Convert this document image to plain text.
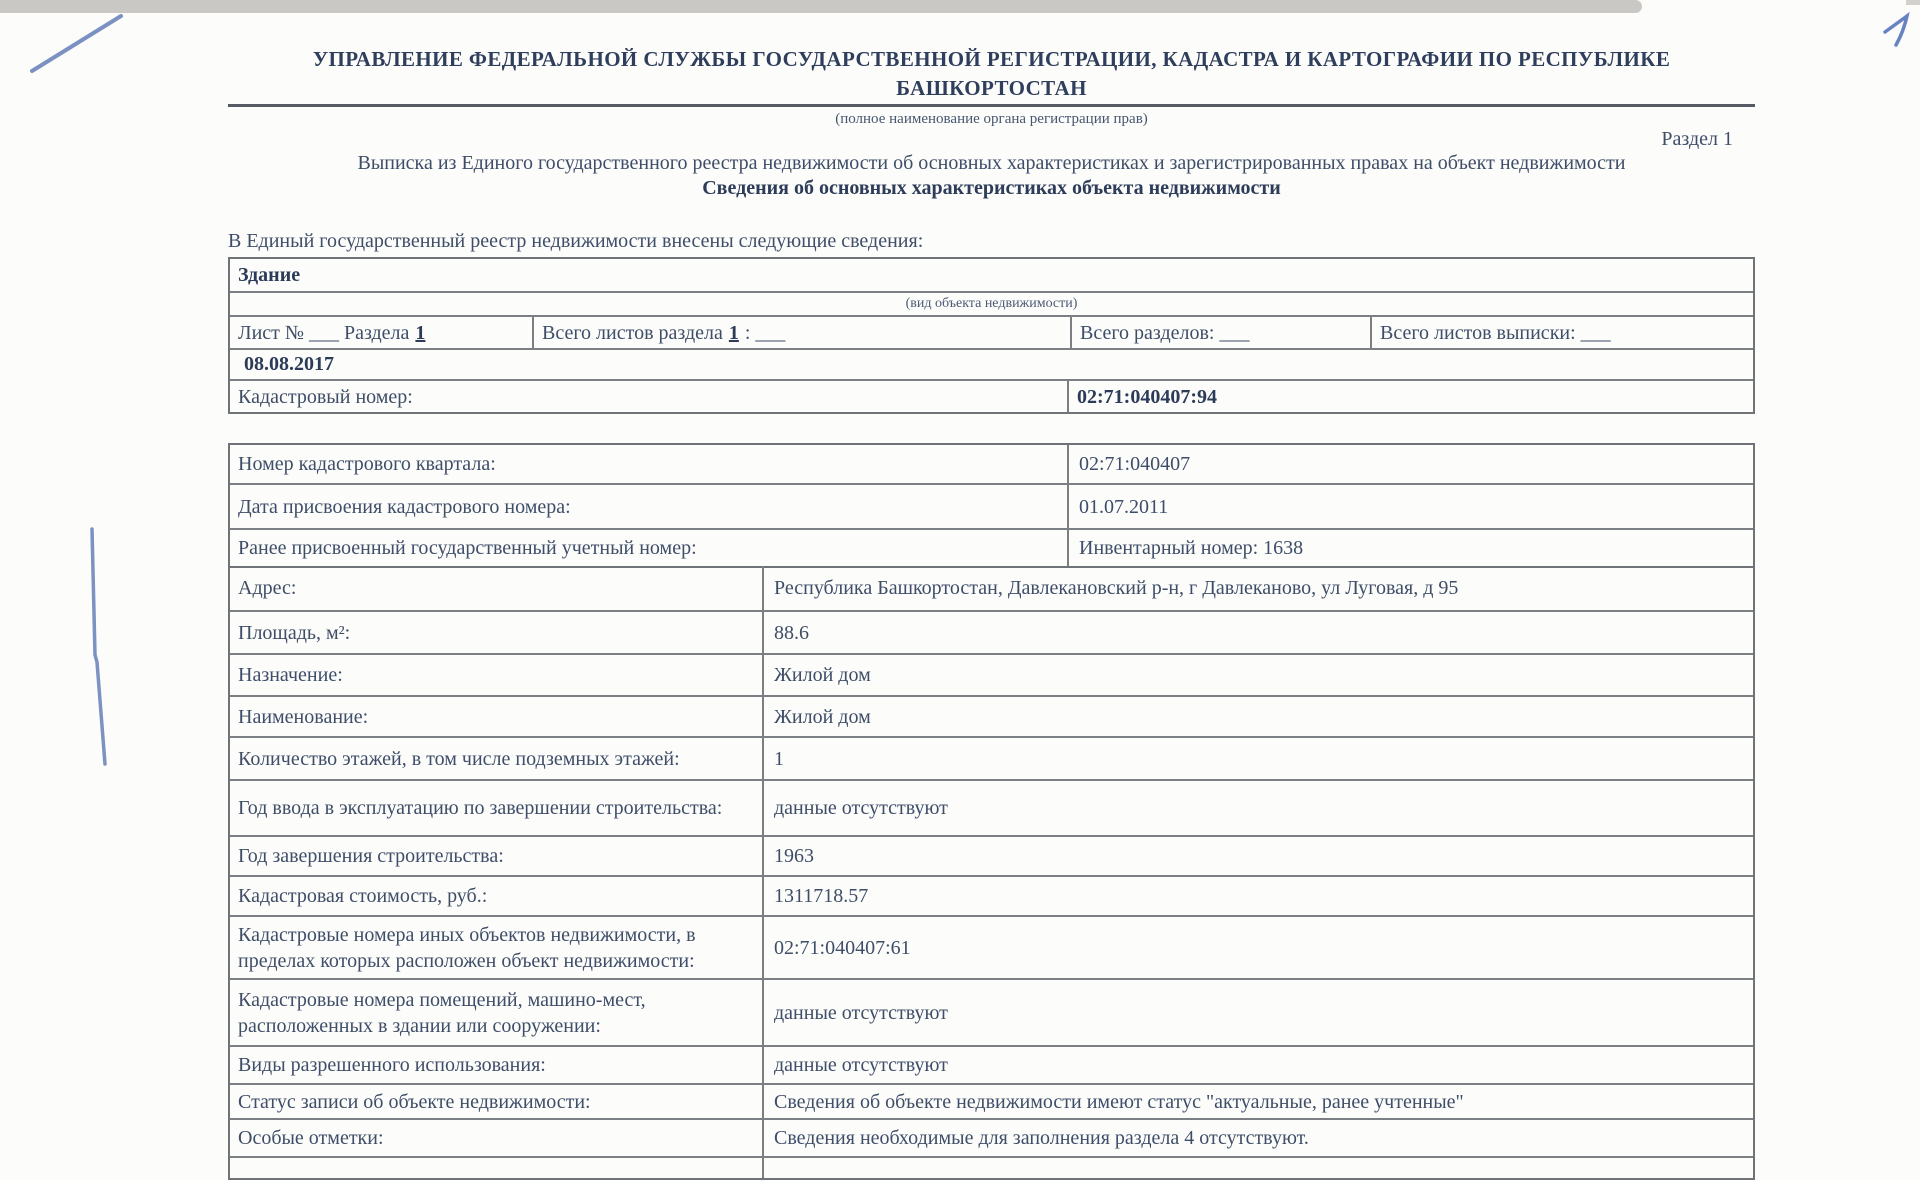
УПРАВЛЕНИЕ ФЕДЕРАЛЬНОЙ СЛУЖБЫ ГОСУДАРСТВЕННОЙ РЕГИСТРАЦИИ, КАДАСТРА И КАРТОГРАФИИ ПО РЕСПУБЛИКЕ
БАШКОРТОСТАН
(полное наименование органа регистрации прав)
Раздел 1
Выписка из Единого государственного реестра недвижимости об основных характеристиках и зарегистрированных правах на объект недвижимости
Сведения об основных характеристиках объекта недвижимости
В Единый государственный реестр недвижимости внесены следующие сведения:
Здание
(вид объекта недвижимости)
Лист № ___ Раздела 1	Всего листов раздела 1 : ___	Всего разделов: ___	Всего листов выписки: ___
08.08.2017
Кадастровый номер:	02:71:040407:94
Номер кадастрового квартала:	02:71:040407
Дата присвоения кадастрового номера:	01.07.2011
Ранее присвоенный государственный учетный номер:	Инвентарный номер: 1638
Адрес:	Республика Башкортостан, Давлекановский р-н, г Давлеканово, ул Луговая, д 95
Площадь, м²:	88.6
Назначение:	Жилой дом
Наименование:	Жилой дом
Количество этажей, в том числе подземных этажей:	1
Год ввода в эксплуатацию по завершении строительства:	данные отсутствуют
Год завершения строительства:	1963
Кадастровая стоимость, руб.:	1311718.57
Кадастровые номера иных объектов недвижимости, в пределах которых расположен объект недвижимости:
02:71:040407:61
Кадастровые номера помещений, машино-мест, расположенных в здании или сооружении:
данные отсутствуют
Виды разрешенного использования:	данные отсутствуют
Статус записи об объекте недвижимости:	Сведения об объекте недвижимости имеют статус "актуальные, ранее учтенные"
Особые отметки:	Сведения необходимые для заполнения раздела 4 отсутствуют.
